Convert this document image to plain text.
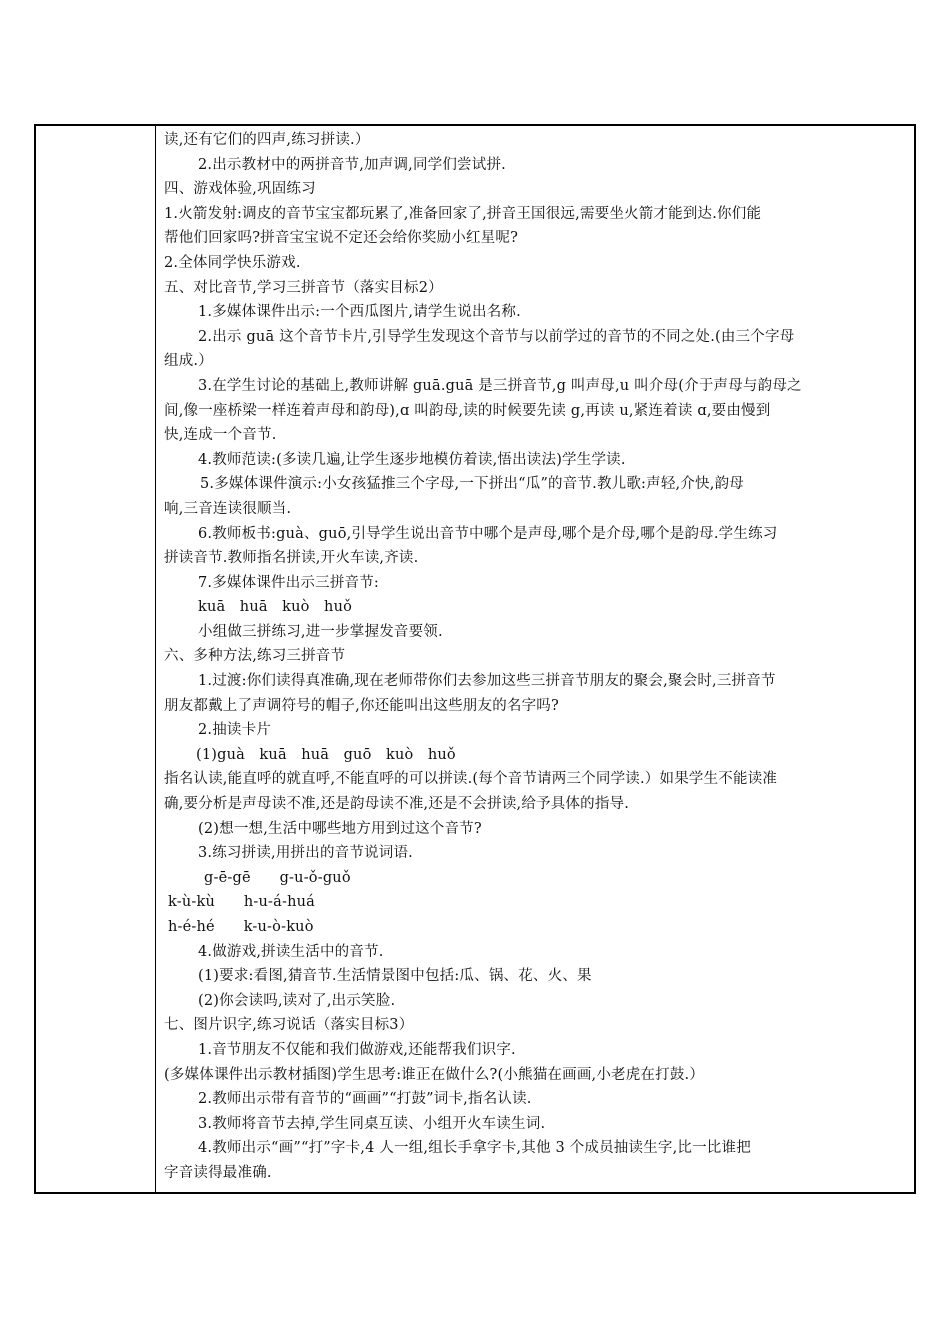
读,还有它们的四声,练习拼读.）
2.出示教材中的两拼音节,加声调,同学们尝试拼.
四、游戏体验,巩固练习
1.火箭发射:调皮的音节宝宝都玩累了,准备回家了,拼音王国很远,需要坐火箭才能到达.你们能
帮他们回家吗?拼音宝宝说不定还会给你奖励小红星呢?
2.全体同学快乐游戏.
五、对比音节,学习三拼音节（落实目标2）
1.多媒体课件出示:一个西瓜图片,请学生说出名称.
2.出示 guā 这个音节卡片,引导学生发现这个音节与以前学过的音节的不同之处.(由三个字母
组成.）
3.在学生讨论的基础上,教师讲解 guā.guā 是三拼音节,g 叫声母,u 叫介母(介于声母与韵母之
间,像一座桥梁一样连着声母和韵母),ɑ 叫韵母,读的时候要先读 g,再读 u,紧连着读 ɑ,要由慢到
快,连成一个音节.
4.教师范读:(多读几遍,让学生逐步地模仿着读,悟出读法)学生学读.
5.多媒体课件演示:小女孩猛推三个字母,一下拼出“瓜”的音节.教儿歌:声轻,介快,韵母
响,三音连读很顺当.
6.教师板书:guà、guō,引导学生说出音节中哪个是声母,哪个是介母,哪个是韵母.学生练习
拼读音节.教师指名拼读,开火车读,齐读.
7.多媒体课件出示三拼音节:
kuā   huā   kuò   huǒ
小组做三拼练习,进一步掌握发音要领.
六、多种方法,练习三拼音节
1.过渡:你们读得真准确,现在老师带你们去参加这些三拼音节朋友的聚会,聚会时,三拼音节
朋友都戴上了声调符号的帽子,你还能叫出这些朋友的名字吗?
2.抽读卡片
(1)guà   kuā   huā   guō   kuò   huǒ
指名认读,能直呼的就直呼,不能直呼的可以拼读.(每个音节请两三个同学读.）如果学生不能读准
确,要分析是声母读不准,还是韵母读不准,还是不会拼读,给予具体的指导.
(2)想一想,生活中哪些地方用到过这个音节?
3.练习拼读,用拼出的音节说词语.
g-ē-gē      g-u-ǒ-guǒ
k-ù-kù      h-u-á-huá
h-é-hé      k-u-ò-kuò
4.做游戏,拼读生活中的音节.
(1)要求:看图,猜音节.生活情景图中包括:瓜、锅、花、火、果
(2)你会读吗,读对了,出示笑脸.
七、图片识字,练习说话（落实目标3）
1.音节朋友不仅能和我们做游戏,还能帮我们识字.
(多媒体课件出示教材插图)学生思考:谁正在做什么?(小熊猫在画画,小老虎在打鼓.）
2.教师出示带有音节的“画画”“打鼓”词卡,指名认读.
3.教师将音节去掉,学生同桌互读、小组开火车读生词.
4.教师出示“画”“打”字卡,4 人一组,组长手拿字卡,其他 3 个成员抽读生字,比一比谁把
字音读得最准确.
